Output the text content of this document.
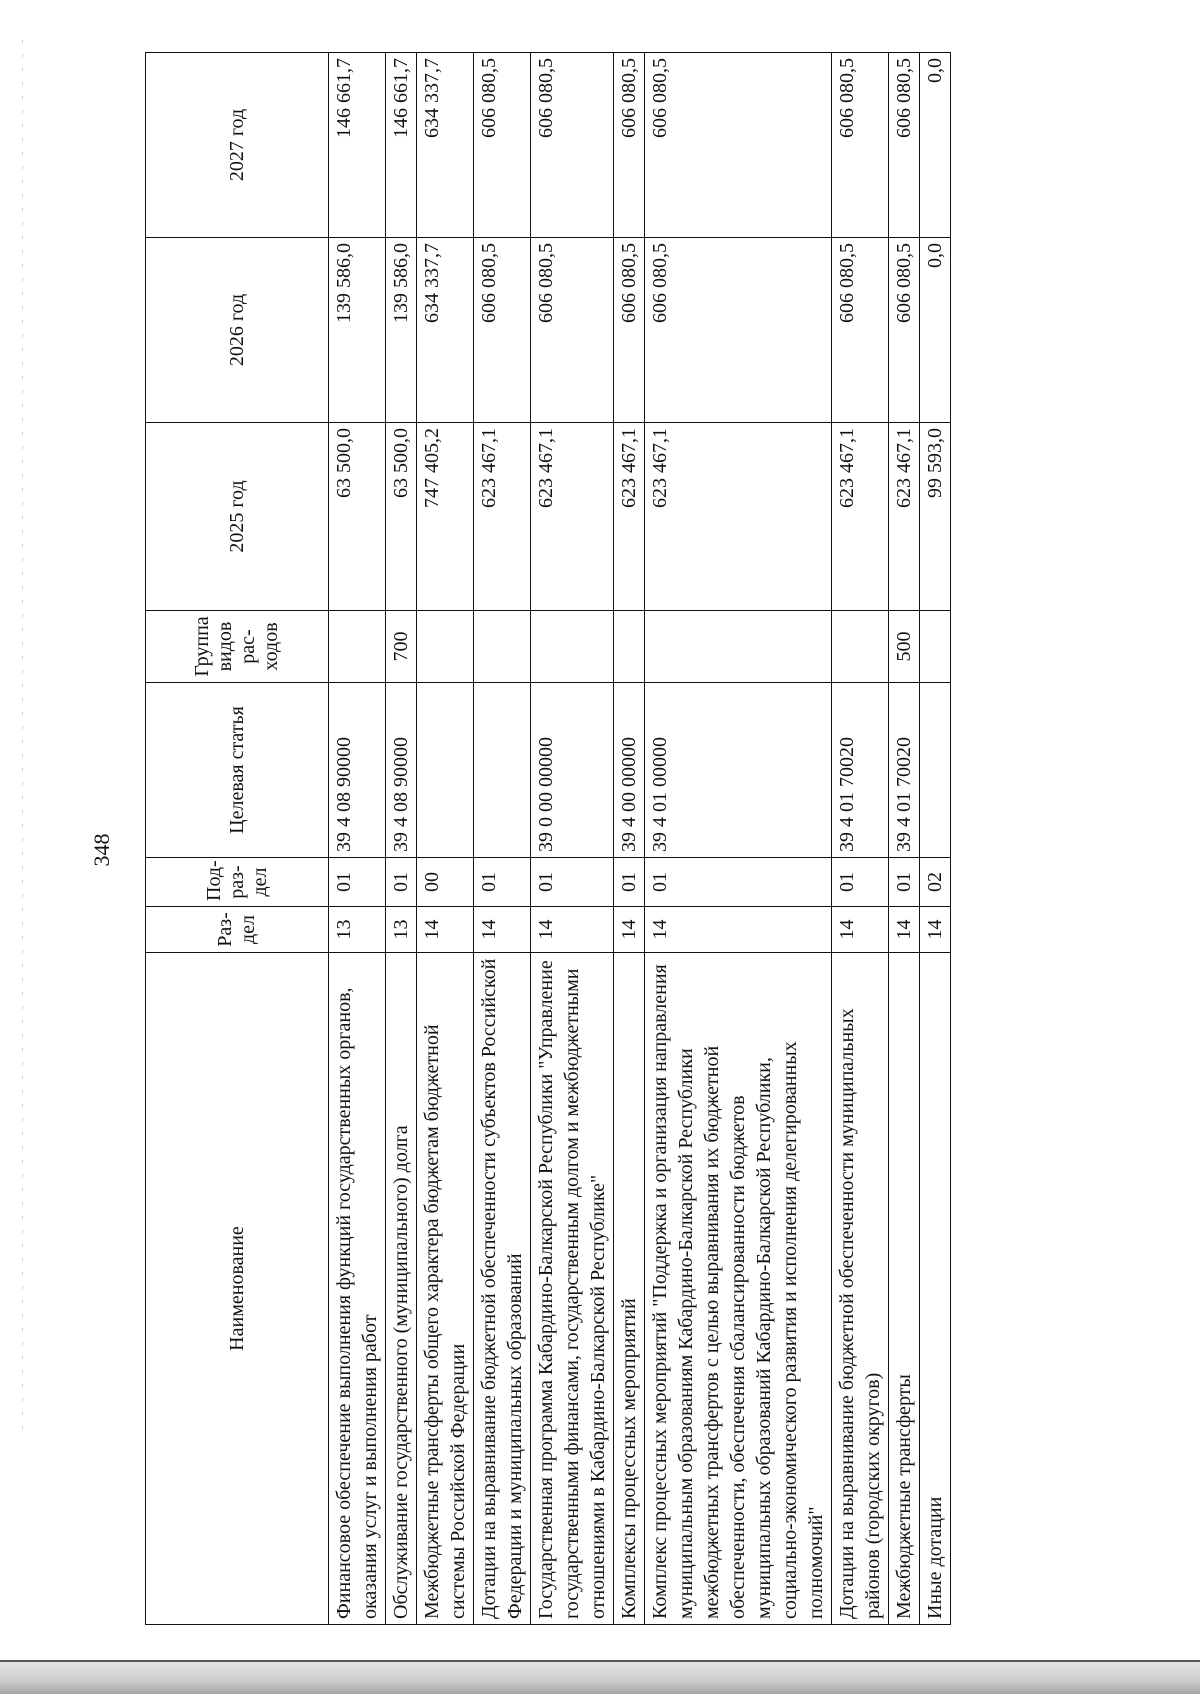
348
Наименование	Раз-дел	Под-раз-дел	Целевая статья	Группа видов рас-ходов	2025 год	2026 год	2027 год
Финансовое обеспечение выполнения функций государственных органов, оказания услуг и выполнения работ	13	01	39 4 08 90000		63 500,0	139 586,0	146 661,7
Обслуживание государственного (муниципального) долга	13	01	39 4 08 90000	700	63 500,0	139 586,0	146 661,7
Межбюджетные трансферты общего характера бюджетам бюджетной системы Российской Федерации	14	00			747 405,2	634 337,7	634 337,7
Дотации на выравнивание бюджетной обеспеченности субъектов Российской Федерации и муниципальных образований	14	01			623 467,1	606 080,5	606 080,5
Государственная программа Кабардино-Балкарской Республики "Управление государственными финансами, государственным долгом и межбюджетными отношениями в Кабардино-Балкарской Республике"	14	01	39 0 00 00000		623 467,1	606 080,5	606 080,5
Комплексы процессных мероприятий	14	01	39 4 00 00000		623 467,1	606 080,5	606 080,5
Комплекс процессных мероприятий "Поддержка и организация направления муниципальным образованиям Кабардино-Балкарской Республики межбюджетных трансфертов с целью выравнивания их бюджетной обеспеченности, обеспечения сбалансированности бюджетов муниципальных образований Кабардино-Балкарской Республики, социально-экономического развития и исполнения делегированных полномочий"	14	01	39 4 01 00000		623 467,1	606 080,5	606 080,5
Дотации на выравнивание бюджетной обеспеченности муниципальных районов (городских округов)	14	01	39 4 01 70020		623 467,1	606 080,5	606 080,5
Межбюджетные трансферты	14	01	39 4 01 70020	500	623 467,1	606 080,5	606 080,5
Иные дотации	14	02			99 593,0	0,0	0,0
